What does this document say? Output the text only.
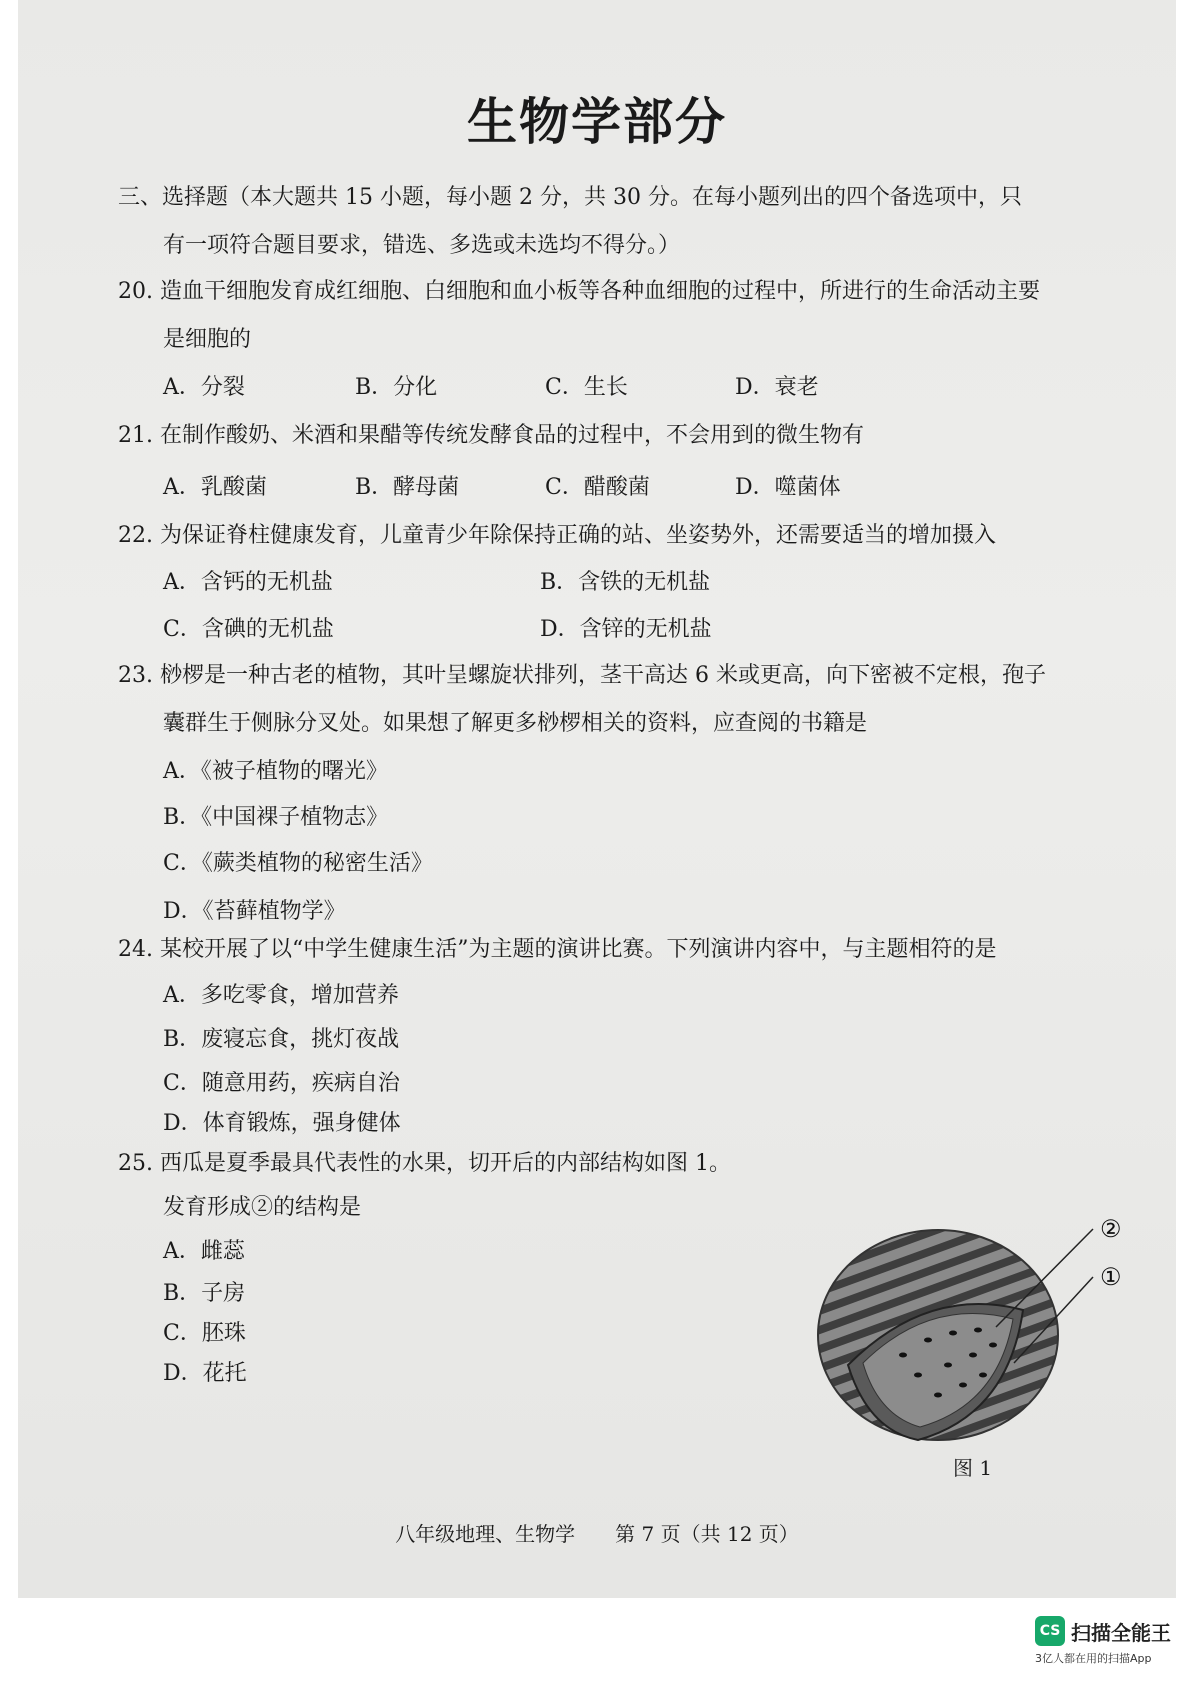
生物学部分
三、选择题（本大题共 15 小题，每小题 2 分，共 30 分。在每小题列出的四个备选项中，只
有一项符合题目要求，错选、多选或未选均不得分。）
20. 造血干细胞发育成红细胞、白细胞和血小板等各种血细胞的过程中，所进行的生命活动主要
是细胞的
A．分裂	B．分化	C．生长	D．衰老
21. 在制作酸奶、米酒和果醋等传统发酵食品的过程中，不会用到的微生物有
A．乳酸菌	B．酵母菌	C．醋酸菌	D．噬菌体
22. 为保证脊柱健康发育，儿童青少年除保持正确的站、坐姿势外，还需要适当的增加摄入
A．含钙的无机盐	B．含铁的无机盐
C．含碘的无机盐	D．含锌的无机盐
23. 桫椤是一种古老的植物，其叶呈螺旋状排列，茎干高达 6 米或更高，向下密被不定根，孢子
囊群生于侧脉分叉处。如果想了解更多桫椤相关的资料，应查阅的书籍是
A．《被子植物的曙光》
B．《中国裸子植物志》
C．《蕨类植物的秘密生活》
D．《苔藓植物学》
24. 某校开展了以“中学生健康生活”为主题的演讲比赛。下列演讲内容中，与主题相符的是
A．多吃零食，增加营养
B．废寝忘食，挑灯夜战
C．随意用药，疾病自治
D．体育锻炼，强身健体
25. 西瓜是夏季最具代表性的水果，切开后的内部结构如图 1。
发育形成②的结构是
A．雌蕊
B．子房
C．胚珠
D．花托
②
①
图 1
八年级地理、生物学　　第 7 页（共 12 页）
CS 扫描全能王
3亿人都在用的扫描App
